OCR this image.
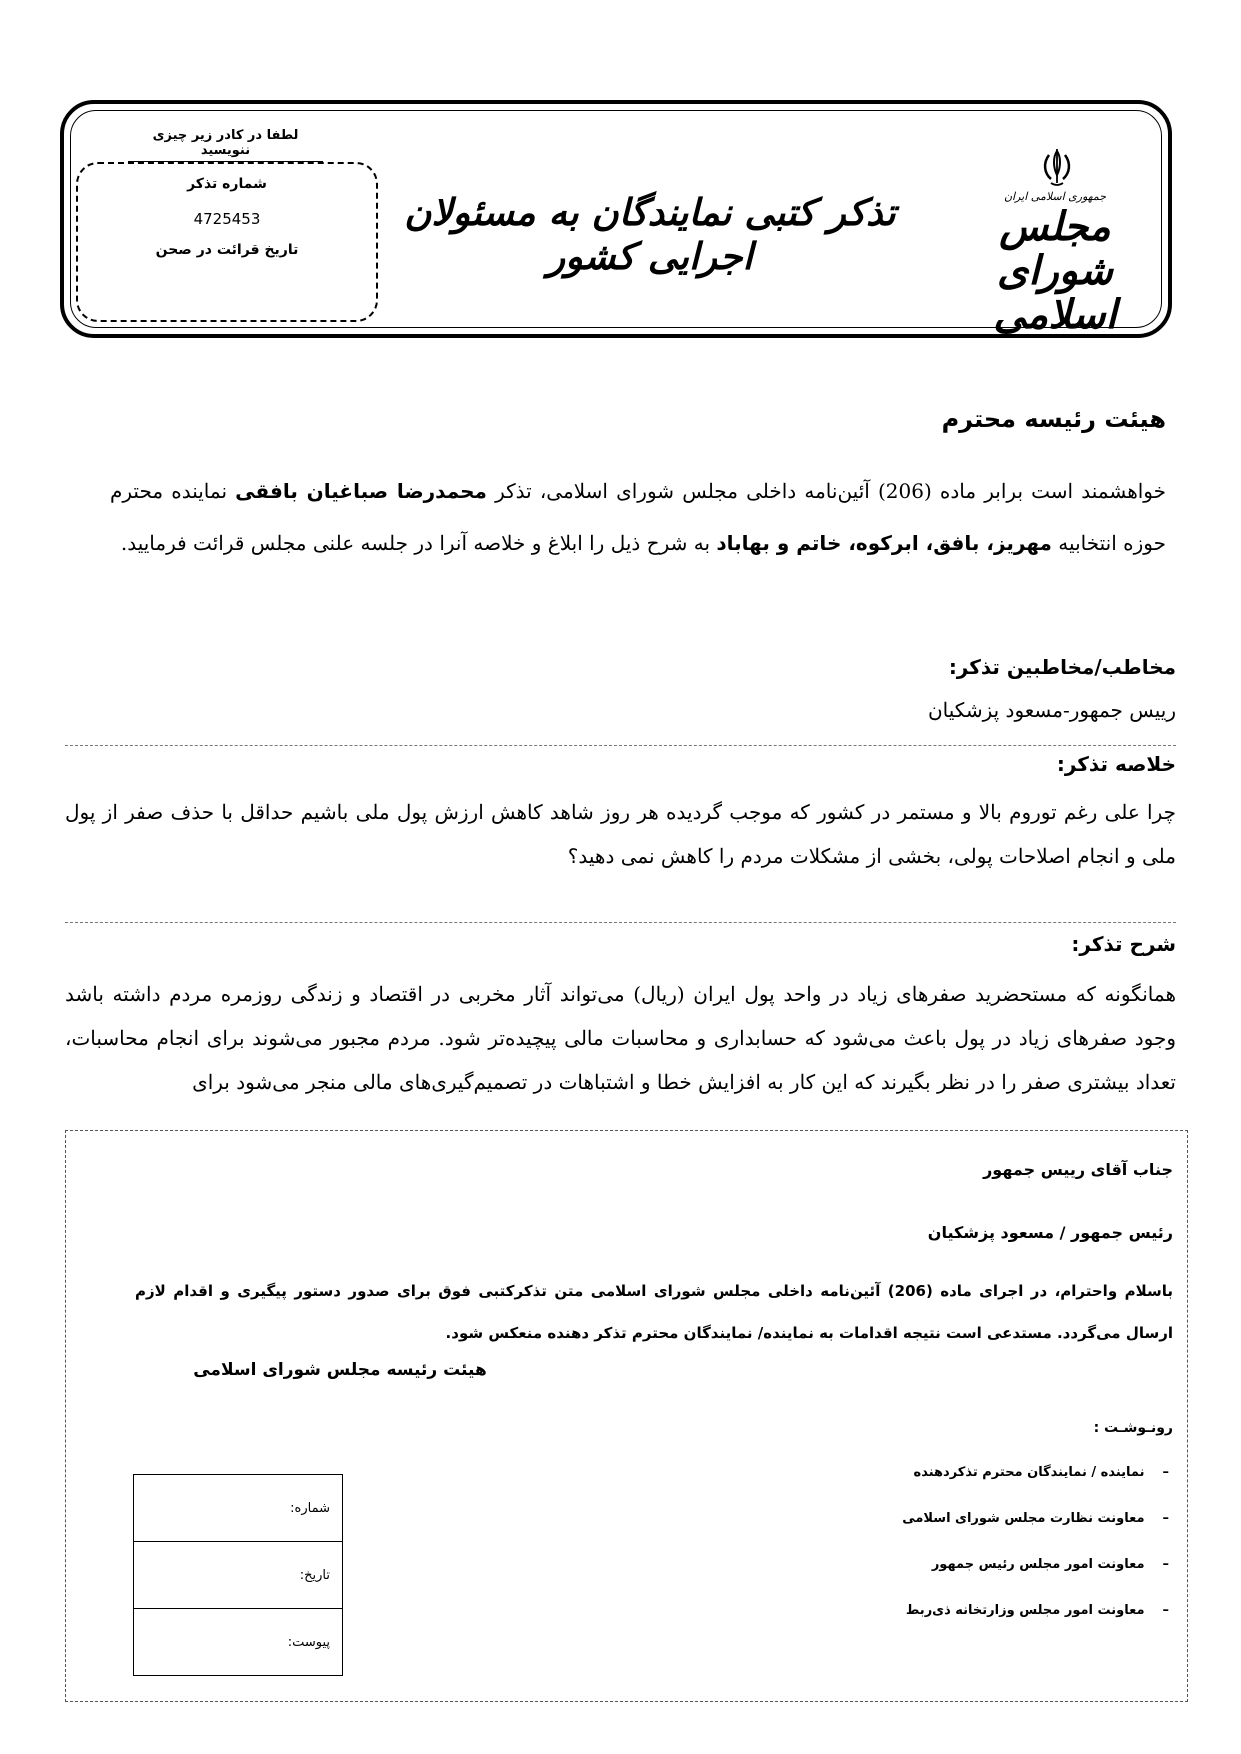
لطفا در کادر زیر چیزی ننویسید
شماره تذکر
4725453
تاریخ قرائت در صحن
تذکر کتبی نمایندگان به مسئولان اجرایی کشور
جمهوری اسلامی ایران
مجلس شورای اسلامی
هیئت رئیسه محترم
خواهشمند است برابر ماده (206) آئین‌نامه داخلی مجلس شورای اسلامی، تذکر محمدرضا صباغیان بافقی نماینده محترم حوزه انتخابیه مهریز، بافق، ابرکوه، خاتم و بهاباد به شرح ذیل را ابلاغ و خلاصه آنرا در جلسه علنی مجلس قرائت فرمایید.
مخاطب/مخاطبین تذکر:
رییس جمهور-مسعود پزشکیان
خلاصه تذکر:
چرا علی رغم توروم بالا و مستمر در کشور که موجب گردیده هر روز شاهد کاهش ارزش پول ملی باشیم حداقل با حذف صفر از پول ملی و انجام اصلاحات پولی، بخشی از مشکلات مردم را کاهش نمی دهید؟
شرح تذکر:
همانگونه که مستحضرید صفرهای زیاد در واحد پول ایران (ریال) می‌تواند آثار مخربی در اقتصاد و زندگی روزمره مردم داشته باشد وجود صفرهای زیاد در پول باعث می‌شود که حسابداری و محاسبات مالی پیچیده‌تر شود. مردم مجبور می‌شوند برای انجام محاسبات، تعداد بیشتری صفر را در نظر بگیرند که این کار به افزایش خطا و اشتباهات در تصمیم‌گیری‌های مالی منجر می‌شود برای
جناب آقای رییس جمهور
رئیس جمهور / مسعود پزشکیان
باسلام واحترام، در اجرای ماده (206) آئین‌نامه داخلی مجلس شورای اسلامی متن تذکرکتبی فوق برای صدور دستور پیگیری و اقدام لازم ارسال می‌گردد. مستدعی است نتیجه اقدامات به نماینده/ نمایندگان محترم تذکر دهنده منعکس شود.
هیئت رئیسه مجلس شورای اسلامی
رونـوشـت :
–نماینده / نمایندگان محترم تذکردهنده
–معاونت نظارت مجلس شورای اسلامی
–معاونت امور مجلس رئیس جمهور
–معاونت امور مجلس وزارتخانه ذی‌ربط
شماره:
تاریخ:
پیوست:
